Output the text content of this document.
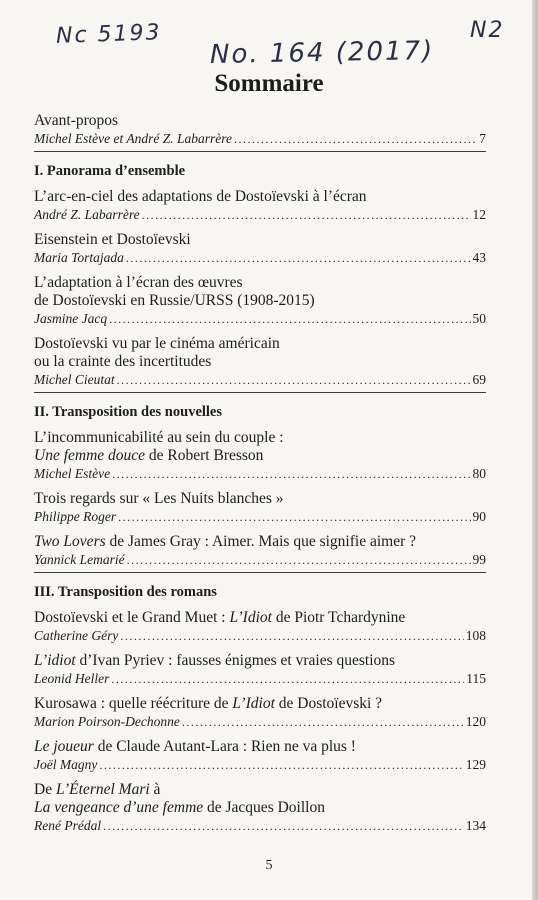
Nc 5193	N2
No. 164 (2017)
Sommaire
Avant-propos
Michel Estève et André Z. Labarrère .....	7
I. Panorama d’ensemble
L’arc-en-ciel des adaptations de Dostoïevski à l’écran
André Z. Labarrère .....	12
Eisenstein et Dostoïevski
Maria Tortajada .....	43
L’adaptation à l’écran des œuvres
de Dostoïevski en Russie/URSS (1908-2015)
Jasmine Jacq .....	50
Dostoïevski vu par le cinéma américain
ou la crainte des incertitudes
Michel Cieutat .....	69
II. Transposition des nouvelles
L’incommunicabilité au sein du couple :
Une femme douce de Robert Bresson
Michel Estève .....	80
Trois regards sur « Les Nuits blanches »
Philippe Roger .....	90
Two Lovers de James Gray : Aimer. Mais que signifie aimer ?
Yannick Lemarié .....	99
III. Transposition des romans
Dostoïevski et le Grand Muet : L’Idiot de Piotr Tchardynine
Catherine Géry .....	108
L’idiot d’Ivan Pyriev : fausses énigmes et vraies questions
Leonid Heller .....	115
Kurosawa : quelle réécriture de L’Idiot de Dostoïevski ?
Marion Poirson-Dechonne .....	120
Le joueur de Claude Autant-Lara : Rien ne va plus !
Joël Magny .....	129
De L’Éternel Mari à
La vengeance d’une femme de Jacques Doillon
René Prédal .....	134
5
